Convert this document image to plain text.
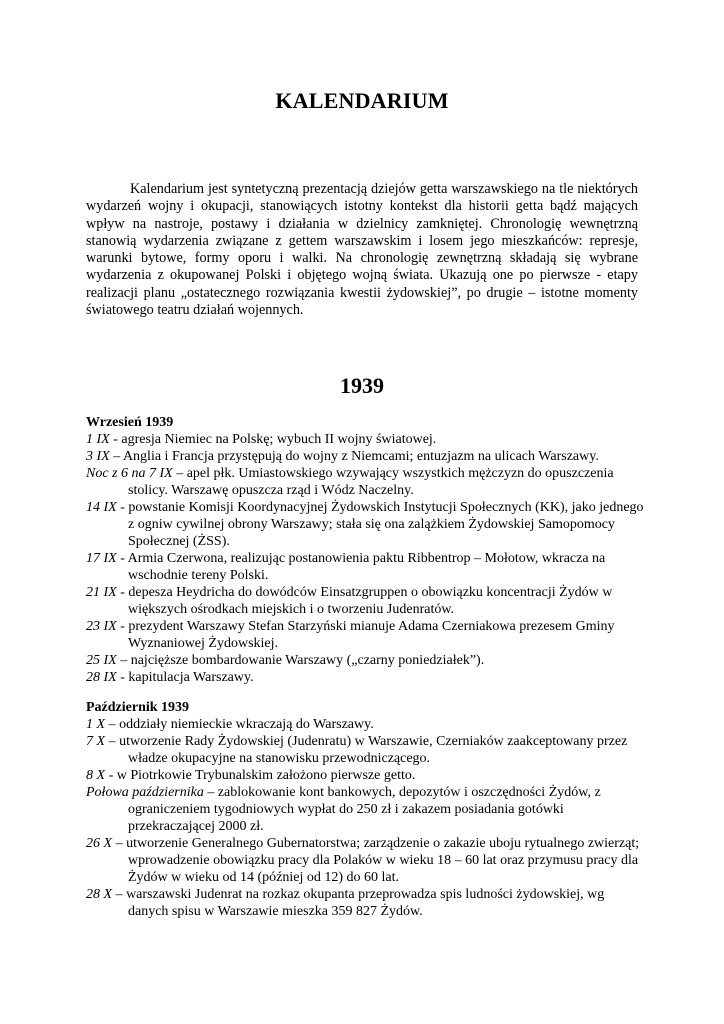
KALENDARIUM

Kalendarium jest syntetyczną prezentacją dziejów getta warszawskiego na tle niektórych wydarzeń wojny i okupacji, stanowiących istotny kontekst dla historii getta bądź mających wpływ na nastroje, postawy i działania w dzielnicy zamkniętej. Chronologię wewnętrzną stanowią wydarzenia związane z gettem warszawskim i losem jego mieszkańców: represje, warunki bytowe, formy oporu i walki. Na chronologię zewnętrzną składają się wybrane wydarzenia z okupowanej Polski i objętego wojną świata. Ukazują one po pierwsze - etapy realizacji planu „ostatecznego rozwiązania kwestii żydowskiej”, po drugie – istotne momenty światowego teatru działań wojennych.

1939
Wrzesień 1939

1 IX - agresja Niemiec na Polskę; wybuch II wojny światowej.

3 IX – Anglia i Francja przystępują do wojny z Niemcami; entuzjazm na ulicach Warszawy.

Noc z 6 na 7 IX – apel płk. Umiastowskiego wzywający wszystkich mężczyzn do opuszczenia stolicy. Warszawę opuszcza rząd i Wódz Naczelny.

14 IX - powstanie Komisji Koordynacyjnej Żydowskich Instytucji Społecznych (KK), jako jednego z ogniw cywilnej obrony Warszawy; stała się ona zalążkiem Żydowskiej Samopomocy Społecznej (ŻSS).

17 IX - Armia Czerwona, realizując postanowienia paktu Ribbentrop – Mołotow, wkracza na wschodnie tereny Polski.

21 IX - depesza Heydricha do dowódców Einsatzgruppen o obowiązku koncentracji Żydów w większych ośrodkach miejskich i o tworzeniu Judenratów.

23 IX - prezydent Warszawy Stefan Starzyński mianuje Adama Czerniakowa prezesem Gminy Wyznaniowej Żydowskiej.

25 IX – najcięższe bombardowanie Warszawy („czarny poniedziałek”).

28 IX - kapitulacja Warszawy.

Październik 1939

1 X – oddziały niemieckie wkraczają do Warszawy.

7 X – utworzenie Rady Żydowskiej (Judenratu) w Warszawie, Czerniaków zaakceptowany przez władze okupacyjne na stanowisku przewodniczącego.

8 X - w Piotrkowie Trybunalskim założono pierwsze getto.

Połowa października – zablokowanie kont bankowych, depozytów i oszczędności Żydów, z ograniczeniem tygodniowych wypłat do 250 zł i zakazem posiadania gotówki przekraczającej 2000 zł.

26 X – utworzenie Generalnego Gubernatorstwa; zarządzenie o zakazie uboju rytualnego zwierząt; wprowadzenie obowiązku pracy dla Polaków w wieku 18 – 60 lat oraz przymusu pracy dla Żydów w wieku od 14 (później od 12) do 60 lat.

28 X – warszawski Judenrat na rozkaz okupanta przeprowadza spis ludności żydowskiej, wg danych spisu w Warszawie mieszka 359 827 Żydów.
